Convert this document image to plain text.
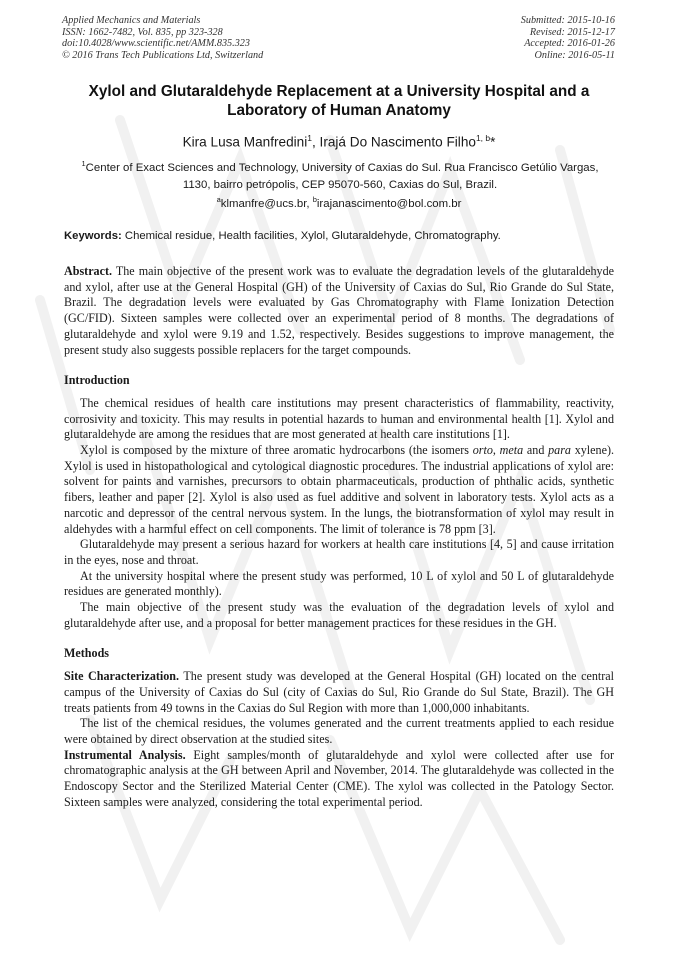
Applied Mechanics and Materials
ISSN: 1662-7482, Vol. 835, pp 323-328
doi:10.4028/www.scientific.net/AMM.835.323
© 2016 Trans Tech Publications Ltd, Switzerland
Submitted: 2015-10-16
Revised: 2015-12-17
Accepted: 2016-01-26
Online: 2016-05-11
Xylol and Glutaraldehyde Replacement at a University Hospital and a Laboratory of Human Anatomy
Kira Lusa Manfredini$^1$, Irajá Do Nascimento Filho$^{1, b}$*
$^1$Center of Exact Sciences and Technology, University of Caxias do Sul. Rua Francisco Getúlio Vargas, 1130, bairro petrópolis, CEP 95070-560, Caxias do Sul, Brazil.
$^a$klmanfre@ucs.br, $^b$irajanascimento@bol.com.br
Keywords: Chemical residue, Health facilities, Xylol, Glutaraldehyde, Chromatography.

Abstract. The main objective of the present work was to evaluate the degradation levels of the glutaraldehyde and xylol, after use at the General Hospital (GH) of the University of Caxias do Sul, Rio Grande do Sul State, Brazil. The degradation levels were evaluated by Gas Chromatography with Flame Ionization Detection (GC/FID). Sixteen samples were collected over an experimental period of 8 months. The degradations of glutaraldehyde and xylol were 9.19 and 1.52, respectively. Besides suggestions to improve management, the present study also suggests possible replacers for the target compounds.

Introduction

The chemical residues of health care institutions may present characteristics of flammability, reactivity, corrosivity and toxicity. This may results in potential hazards to human and environmental health [1]. Xylol and glutaraldehyde are among the residues that are most generated at health care institutions [1].

Xylol is composed by the mixture of three aromatic hydrocarbons (the isomers orto, meta and para xylene). Xylol is used in histopathological and cytological diagnostic procedures. The industrial applications of xylol are: solvent for paints and varnishes, precursors to obtain pharmaceuticals, production of phthalic acids, synthetic fibers, leather and paper [2]. Xylol is also used as fuel additive and solvent in laboratory tests. Xylol acts as a narcotic and depressor of the central nervous system. In the lungs, the biotransformation of xylol may result in aldehydes with a harmful effect on cell components. The limit of tolerance is 78 ppm [3].

Glutaraldehyde may present a serious hazard for workers at health care institutions [4, 5] and cause irritation in the eyes, nose and throat.

At the university hospital where the present study was performed, 10 L of xylol and 50 L of glutaraldehyde residues are generated monthly).

The main objective of the present study was the evaluation of the degradation levels of xylol and glutaraldehyde after use, and a proposal for better management practices for these residues in the GH.

Methods

Site Characterization. The present study was developed at the General Hospital (GH) located on the central campus of the University of Caxias do Sul (city of Caxias do Sul, Rio Grande do Sul State, Brazil). The GH treats patients from 49 towns in the Caxias do Sul Region with more than 1,000,000 inhabitants.

The list of the chemical residues, the volumes generated and the current treatments applied to each residue were obtained by direct observation at the studied sites.

Instrumental Analysis. Eight samples/month of glutaraldehyde and xylol were collected after use for chromatographic analysis at the GH between April and November, 2014. The glutaraldehyde was collected in the Endoscopy Sector and the Sterilized Material Center (CME). The xylol was collected in the Patology Sector. Sixteen samples were analyzed, considering the total experimental period.
